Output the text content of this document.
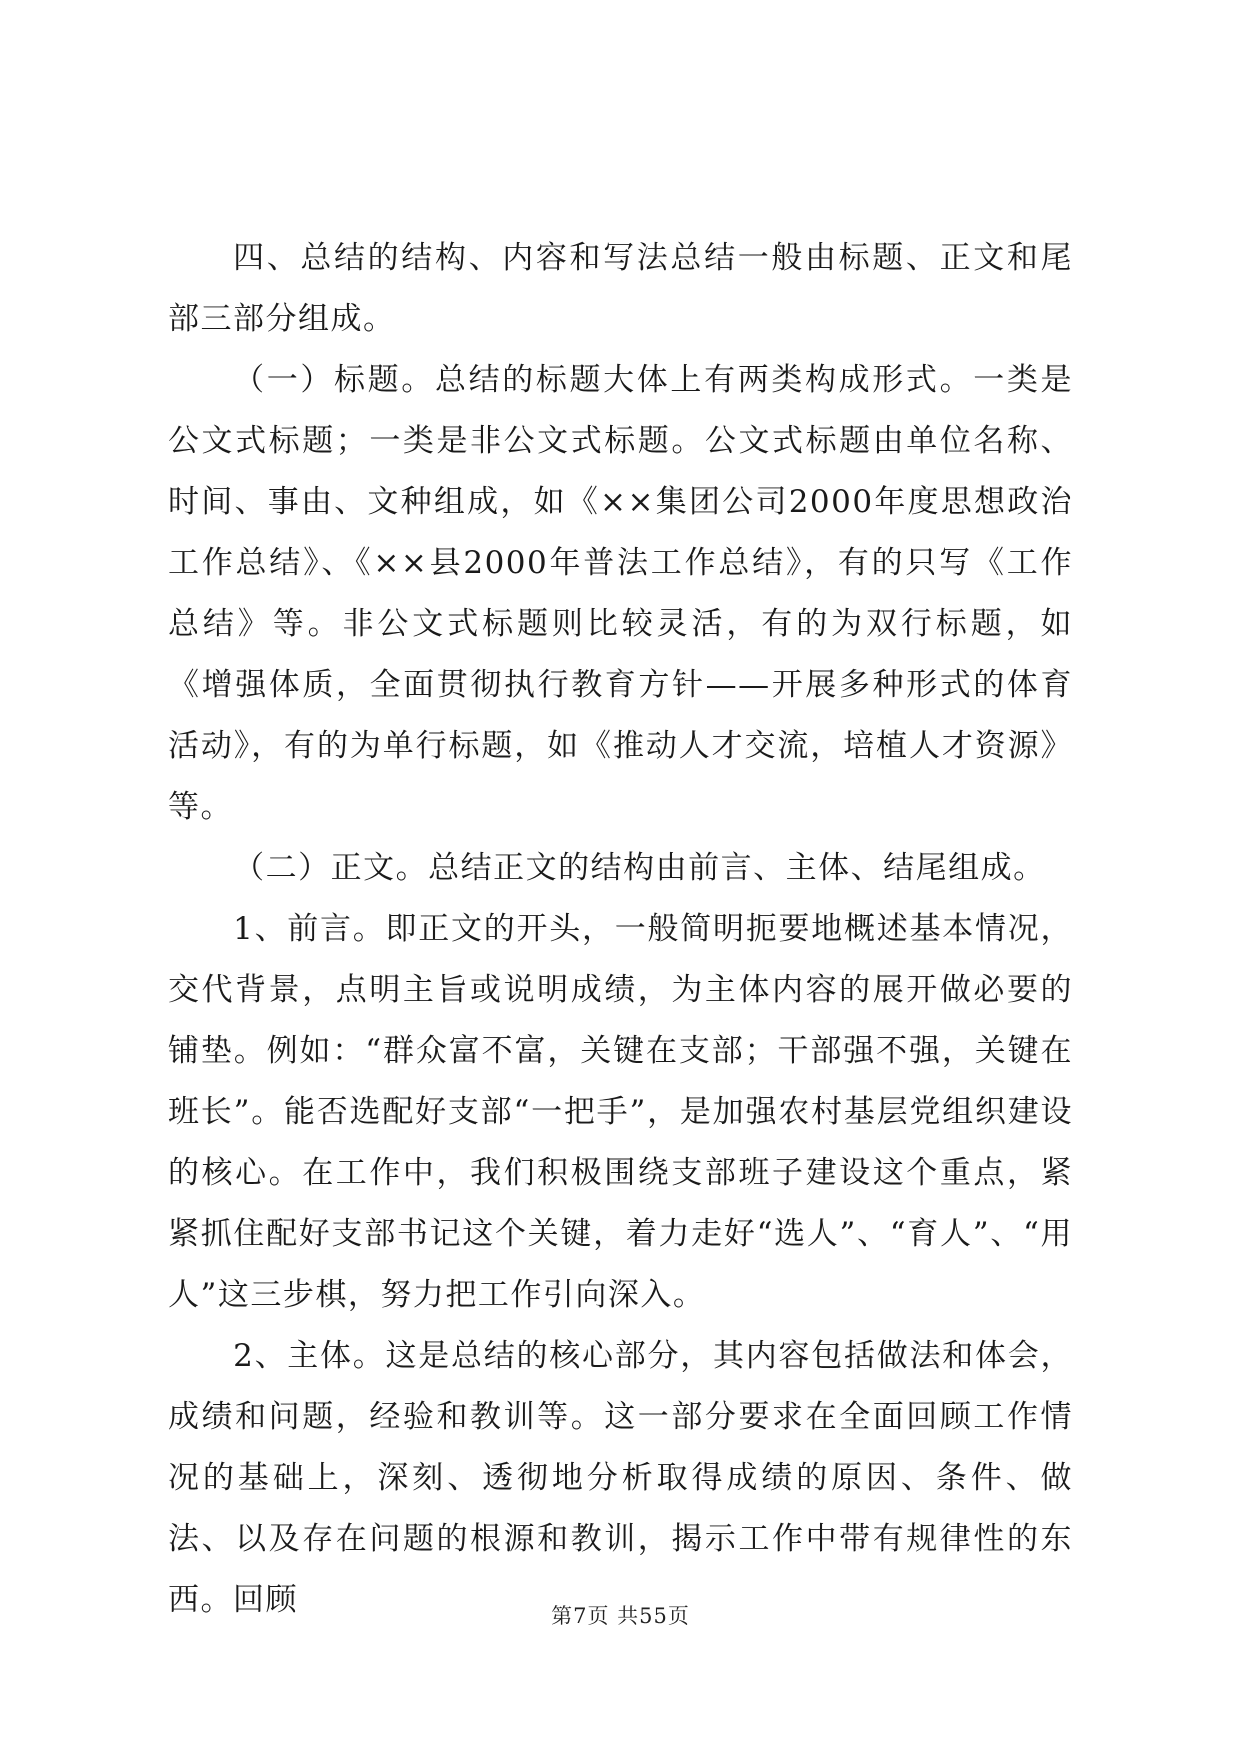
四、总结的结构、内容和写法总结一般由标题、正文和尾部三部分组成。

（一）标题。总结的标题大体上有两类构成形式。一类是公文式标题；一类是非公文式标题。公文式标题由单位名称、时间、事由、文种组成，如《××集团公司2000年度思想政治工作总结》、《××县2000年普法工作总结》，有的只写《工作总结》等。非公文式标题则比较灵活，有的为双行标题，如《增强体质，全面贯彻执行教育方针——开展多种形式的体育活动》，有的为单行标题，如《推动人才交流，培植人才资源》等。

（二）正文。总结正文的结构由前言、主体、结尾组成。

1、前言。即正文的开头，一般简明扼要地概述基本情况，交代背景，点明主旨或说明成绩，为主体内容的展开做必要的铺垫。例如：“群众富不富，关键在支部；干部强不强，关键在班长”。能否选配好支部“一把手”，是加强农村基层党组织建设的核心。在工作中，我们积极围绕支部班子建设这个重点，紧紧抓住配好支部书记这个关键，着力走好“选人”、“育人”、“用人”这三步棋，努力把工作引向深入。

2、主体。这是总结的核心部分，其内容包括做法和体会，成绩和问题，经验和教训等。这一部分要求在全面回顾工作情况的基础上，深刻、透彻地分析取得成绩的原因、条件、做法、以及存在问题的根源和教训，揭示工作中带有规律性的东西。回顾	第7页 共55页
